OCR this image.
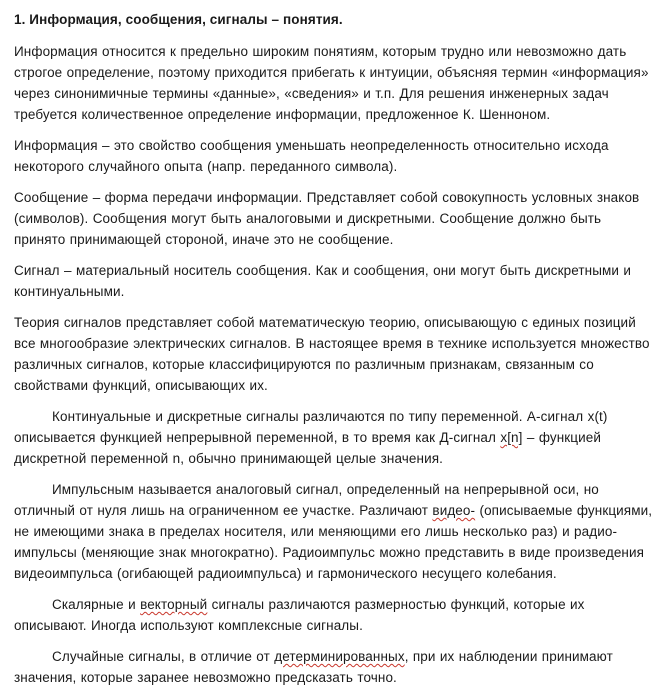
1. Информация, сообщения, сигналы – понятия.

Информация относится к предельно широким понятиям, которым трудно или невозможно дать строгое определение, поэтому приходится прибегать к интуиции, объясняя термин «информация» через синонимичные термины «данные», «сведения» и т.п. Для решения инженерных задач требуется количественное определение информации, предложенное К. Шенноном.

Информация – это свойство сообщения уменьшать неопределенность относительно исхода некоторого случайного опыта (напр. переданного символа).

Сообщение – форма передачи информации. Представляет собой совокупность условных знаков (символов). Сообщения могут быть аналоговыми и дискретными. Сообщение должно быть принято принимающей стороной, иначе это не сообщение.

Сигнал – материальный носитель сообщения. Как и сообщения, они могут быть дискретными и континуальными.

Теория сигналов представляет собой математическую теорию, описывающую с единых позиций все многообразие электрических сигналов. В настоящее время в технике используется множество различных сигналов, которые классифицируются по различным признакам, связанным со свойствами функций, описывающих их.

Континуальные и дискретные сигналы различаются по типу переменной. А-сигнал x(t) описывается функцией непрерывной переменной, в то время как Д-сигнал x[n] – функцией дискретной переменной n, обычно принимающей целые значения.

Импульсным называется аналоговый сигнал, определенный на непрерывной оси, но отличный от нуля лишь на ограниченном ее участке. Различают видео- (описываемые функциями, не имеющими знака в пределах носителя, или меняющими его лишь несколько раз) и радио- импульсы (меняющие знак многократно). Радиоимпульс можно представить в виде произведения видеоимпульса (огибающей радиоимпульса) и гармонического несущего колебания.

Скалярные и векторный сигналы различаются размерностью функций, которые их описывают. Иногда используют комплексные сигналы.

Случайные сигналы, в отличие от детерминированных, при их наблюдении принимают значения, которые заранее невозможно предсказать точно.
